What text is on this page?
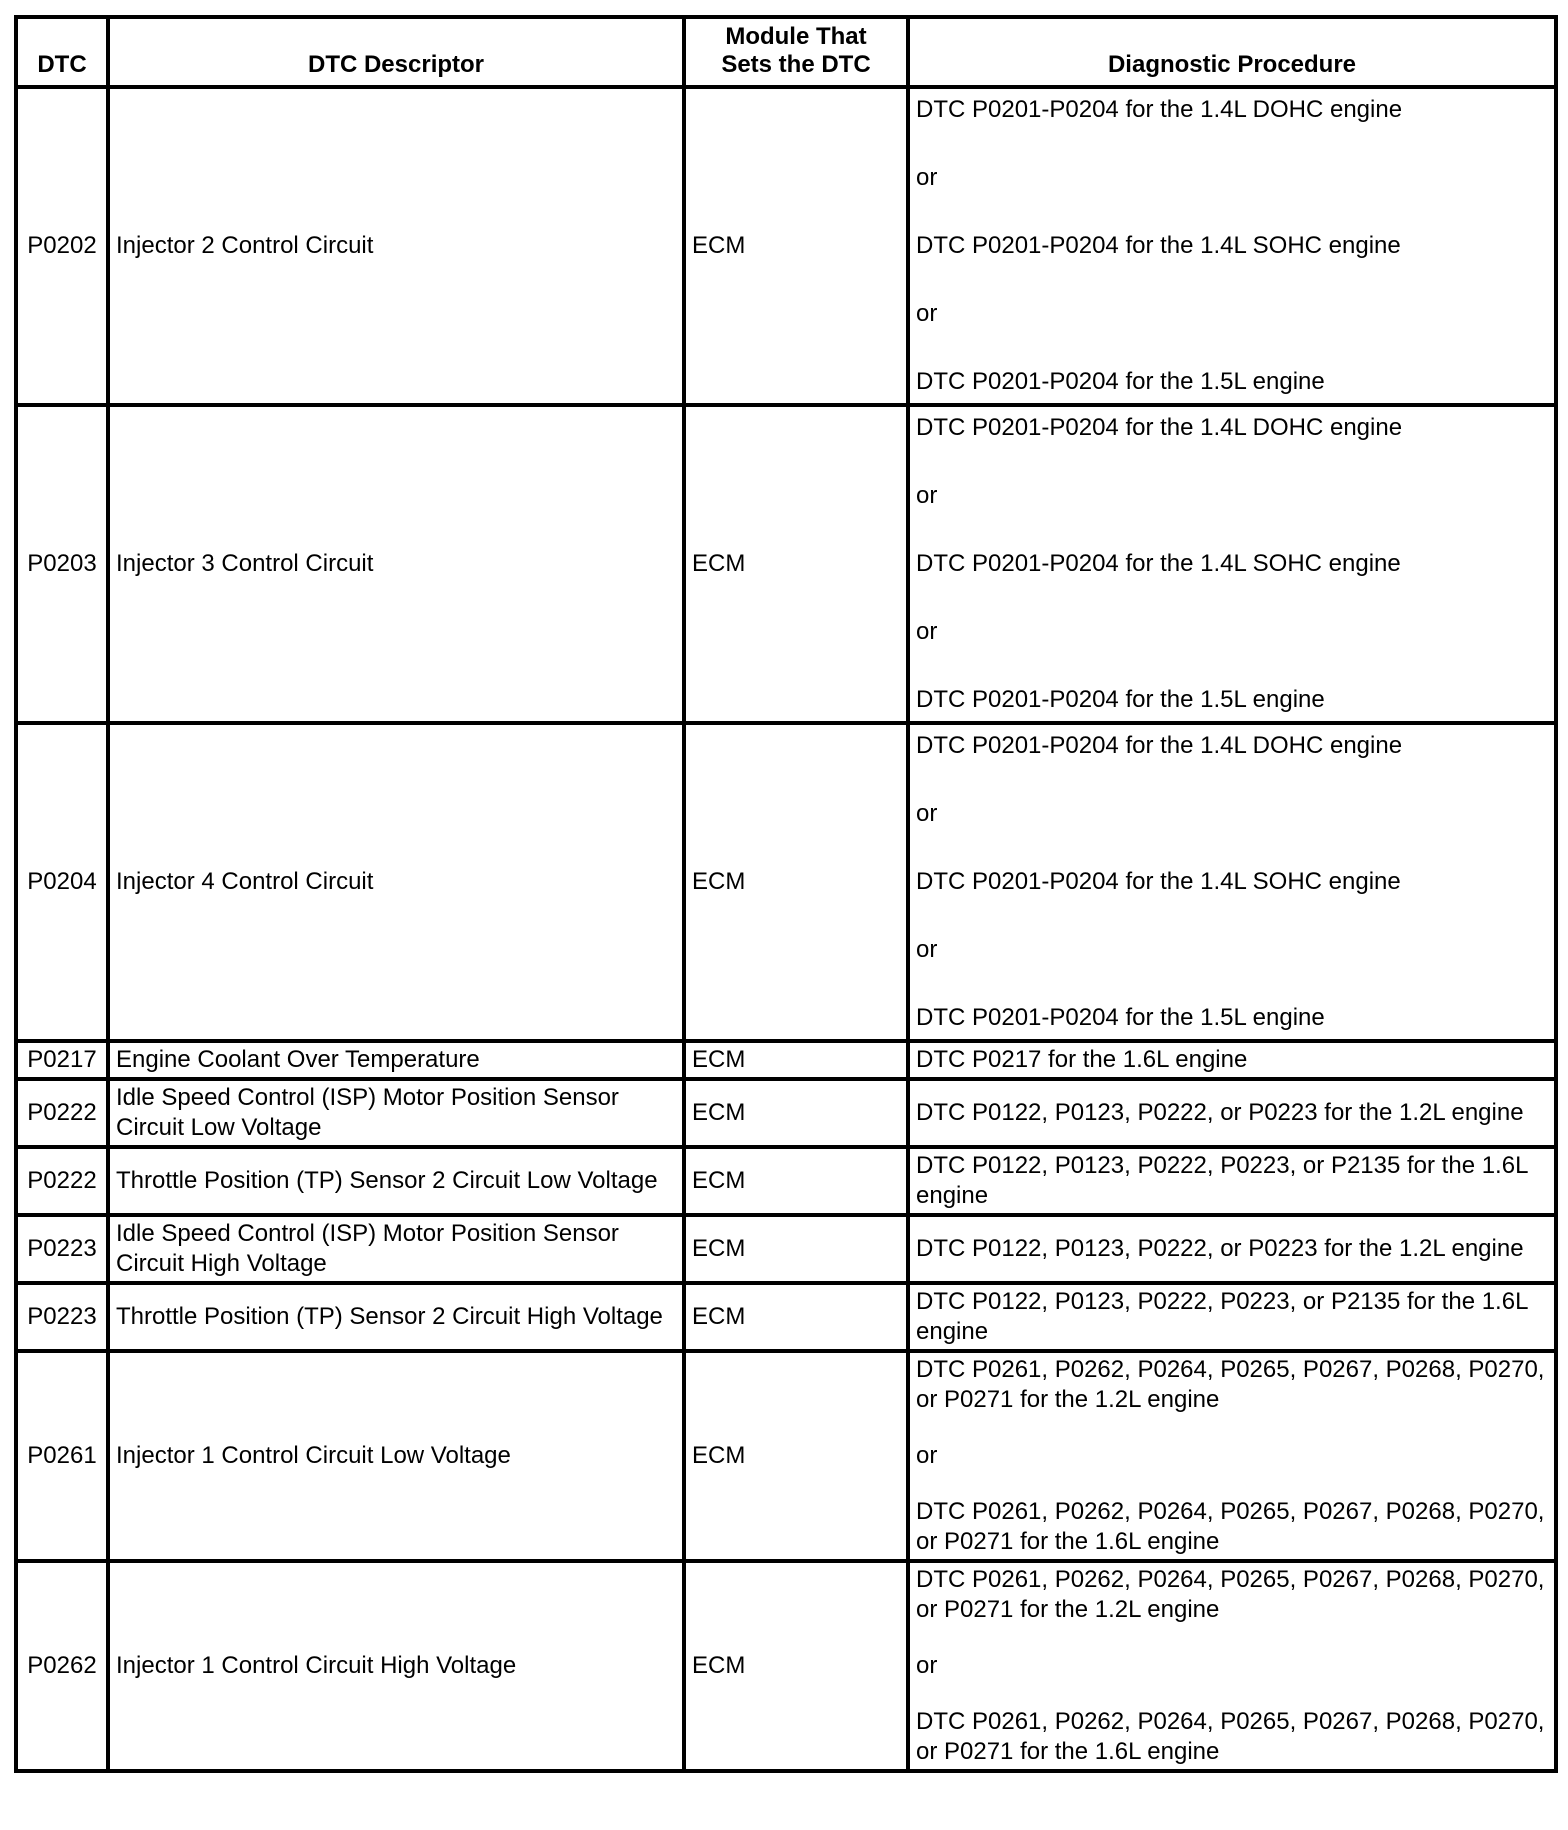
DTC	DTC Descriptor	Module That
Sets the DTC	Diagnostic Procedure
P0202	Injector 2 Control Circuit	ECM	DTC P0201-P0204 for the 1.4L DOHC engine
or
DTC P0201-P0204 for the 1.4L SOHC engine
or
DTC P0201-P0204 for the 1.5L engine

P0203	Injector 3 Control Circuit	ECM	DTC P0201-P0204 for the 1.4L DOHC engine
or
DTC P0201-P0204 for the 1.4L SOHC engine
or
DTC P0201-P0204 for the 1.5L engine

P0204	Injector 4 Control Circuit	ECM	DTC P0201-P0204 for the 1.4L DOHC engine
or
DTC P0201-P0204 for the 1.4L SOHC engine
or
DTC P0201-P0204 for the 1.5L engine

P0217	Engine Coolant Over Temperature	ECM	DTC P0217 for the 1.6L engine

P0222	Idle Speed Control (ISP) Motor Position Sensor Circuit Low Voltage	ECM	DTC P0122, P0123, P0222, or P0223 for the 1.2L engine

P0222	Throttle Position (TP) Sensor 2 Circuit Low Voltage	ECM	DTC P0122, P0123, P0222, P0223, or P2135 for the 1.6L engine

P0223	Idle Speed Control (ISP) Motor Position Sensor Circuit High Voltage	ECM	DTC P0122, P0123, P0222, or P0223 for the 1.2L engine

P0223	Throttle Position (TP) Sensor 2 Circuit High Voltage	ECM	DTC P0122, P0123, P0222, P0223, or P2135 for the 1.6L engine

P0261	Injector 1 Control Circuit Low Voltage	ECM	DTC P0261, P0262, P0264, P0265, P0267, P0268, P0270, or P0271 for the 1.2L engine
or
DTC P0261, P0262, P0264, P0265, P0267, P0268, P0270, or P0271 for the 1.6L engine

P0262	Injector 1 Control Circuit High Voltage	ECM	DTC P0261, P0262, P0264, P0265, P0267, P0268, P0270, or P0271 for the 1.2L engine
or
DTC P0261, P0262, P0264, P0265, P0267, P0268, P0270, or P0271 for the 1.6L engine
